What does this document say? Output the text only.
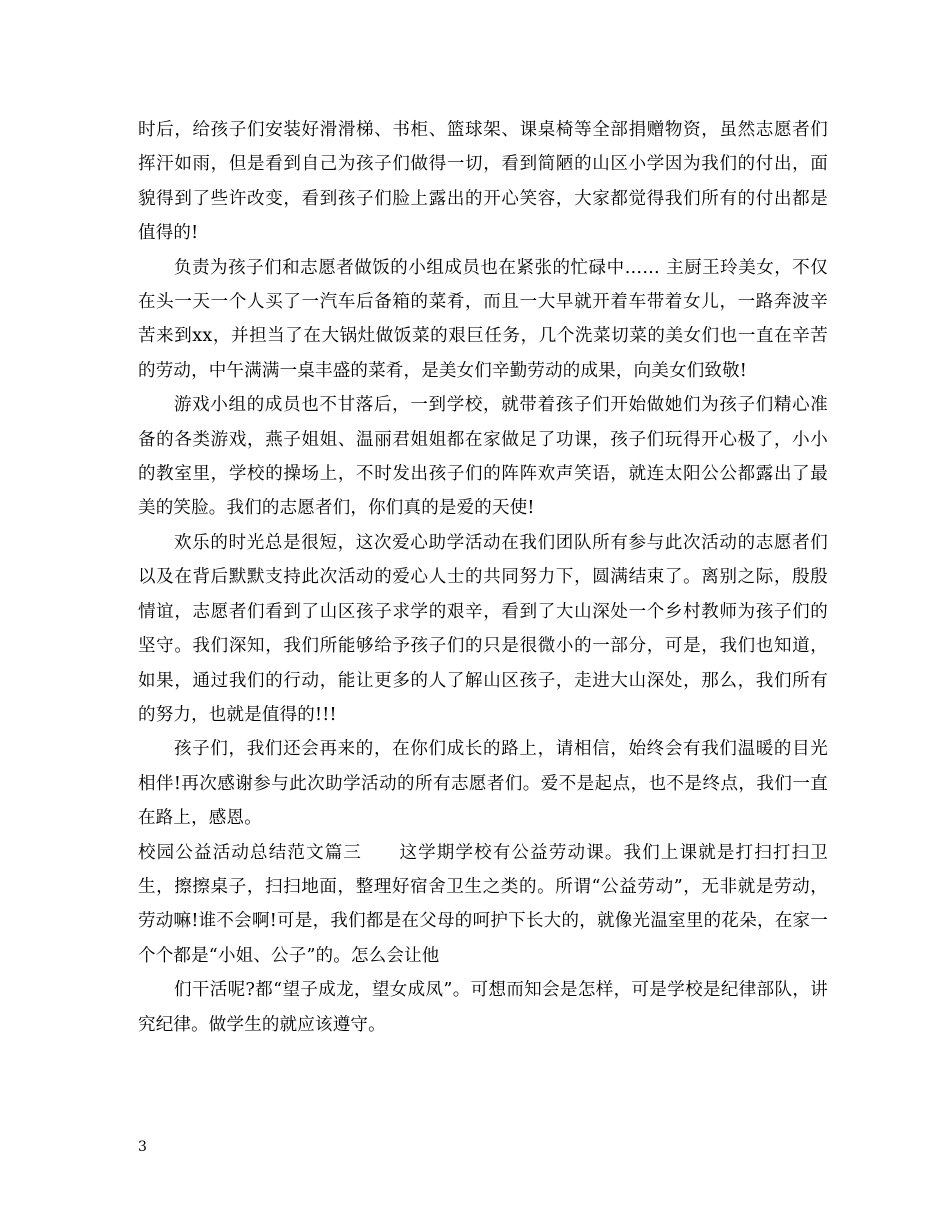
时后，给孩子们安装好滑滑梯、书柜、篮球架、课桌椅等全部捐赠物资，虽然志愿者们挥汗如雨，但是看到自己为孩子们做得一切，看到简陋的山区小学因为我们的付出，面貌得到了些许改变，看到孩子们脸上露出的开心笑容，大家都觉得我们所有的付出都是值得的!

负责为孩子们和志愿者做饭的小组成员也在紧张的忙碌中…… 主厨王玲美女，不仅在头一天一个人买了一汽车后备箱的菜肴，而且一大早就开着车带着女儿，一路奔波辛苦来到xx，并担当了在大锅灶做饭菜的艰巨任务，几个洗菜切菜的美女们也一直在辛苦的劳动，中午满满一桌丰盛的菜肴，是美女们辛勤劳动的成果，向美女们致敬!

游戏小组的成员也不甘落后，一到学校，就带着孩子们开始做她们为孩子们精心准备的各类游戏，燕子姐姐、温丽君姐姐都在家做足了功课，孩子们玩得开心极了，小小的教室里，学校的操场上，不时发出孩子们的阵阵欢声笑语，就连太阳公公都露出了最美的笑脸。我们的志愿者们，你们真的是爱的天使!

欢乐的时光总是很短，这次爱心助学活动在我们团队所有参与此次活动的志愿者们以及在背后默默支持此次活动的爱心人士的共同努力下，圆满结束了。离别之际，殷殷情谊，志愿者们看到了山区孩子求学的艰辛，看到了大山深处一个乡村教师为孩子们的坚守。我们深知，我们所能够给予孩子们的只是很微小的一部分，可是，我们也知道，如果，通过我们的行动，能让更多的人了解山区孩子，走进大山深处，那么，我们所有的努力，也就是值得的!!!

孩子们，我们还会再来的，在你们成长的路上，请相信，始终会有我们温暖的目光相伴!再次感谢参与此次助学活动的所有志愿者们。爱不是起点，也不是终点，我们一直在路上，感恩。

校园公益活动总结范文篇三　　这学期学校有公益劳动课。我们上课就是打扫打扫卫生，擦擦桌子，扫扫地面，整理好宿舍卫生之类的。所谓“公益劳动”，无非就是劳动，劳动嘛!谁不会啊!可是，我们都是在父母的呵护下长大的，就像光温室里的花朵，在家一个个都是“小姐、公子”的。怎么会让他

们干活呢?都“望子成龙，望女成凤”。可想而知会是怎样，可是学校是纪律部队，讲究纪律。做学生的就应该遵守。

3
